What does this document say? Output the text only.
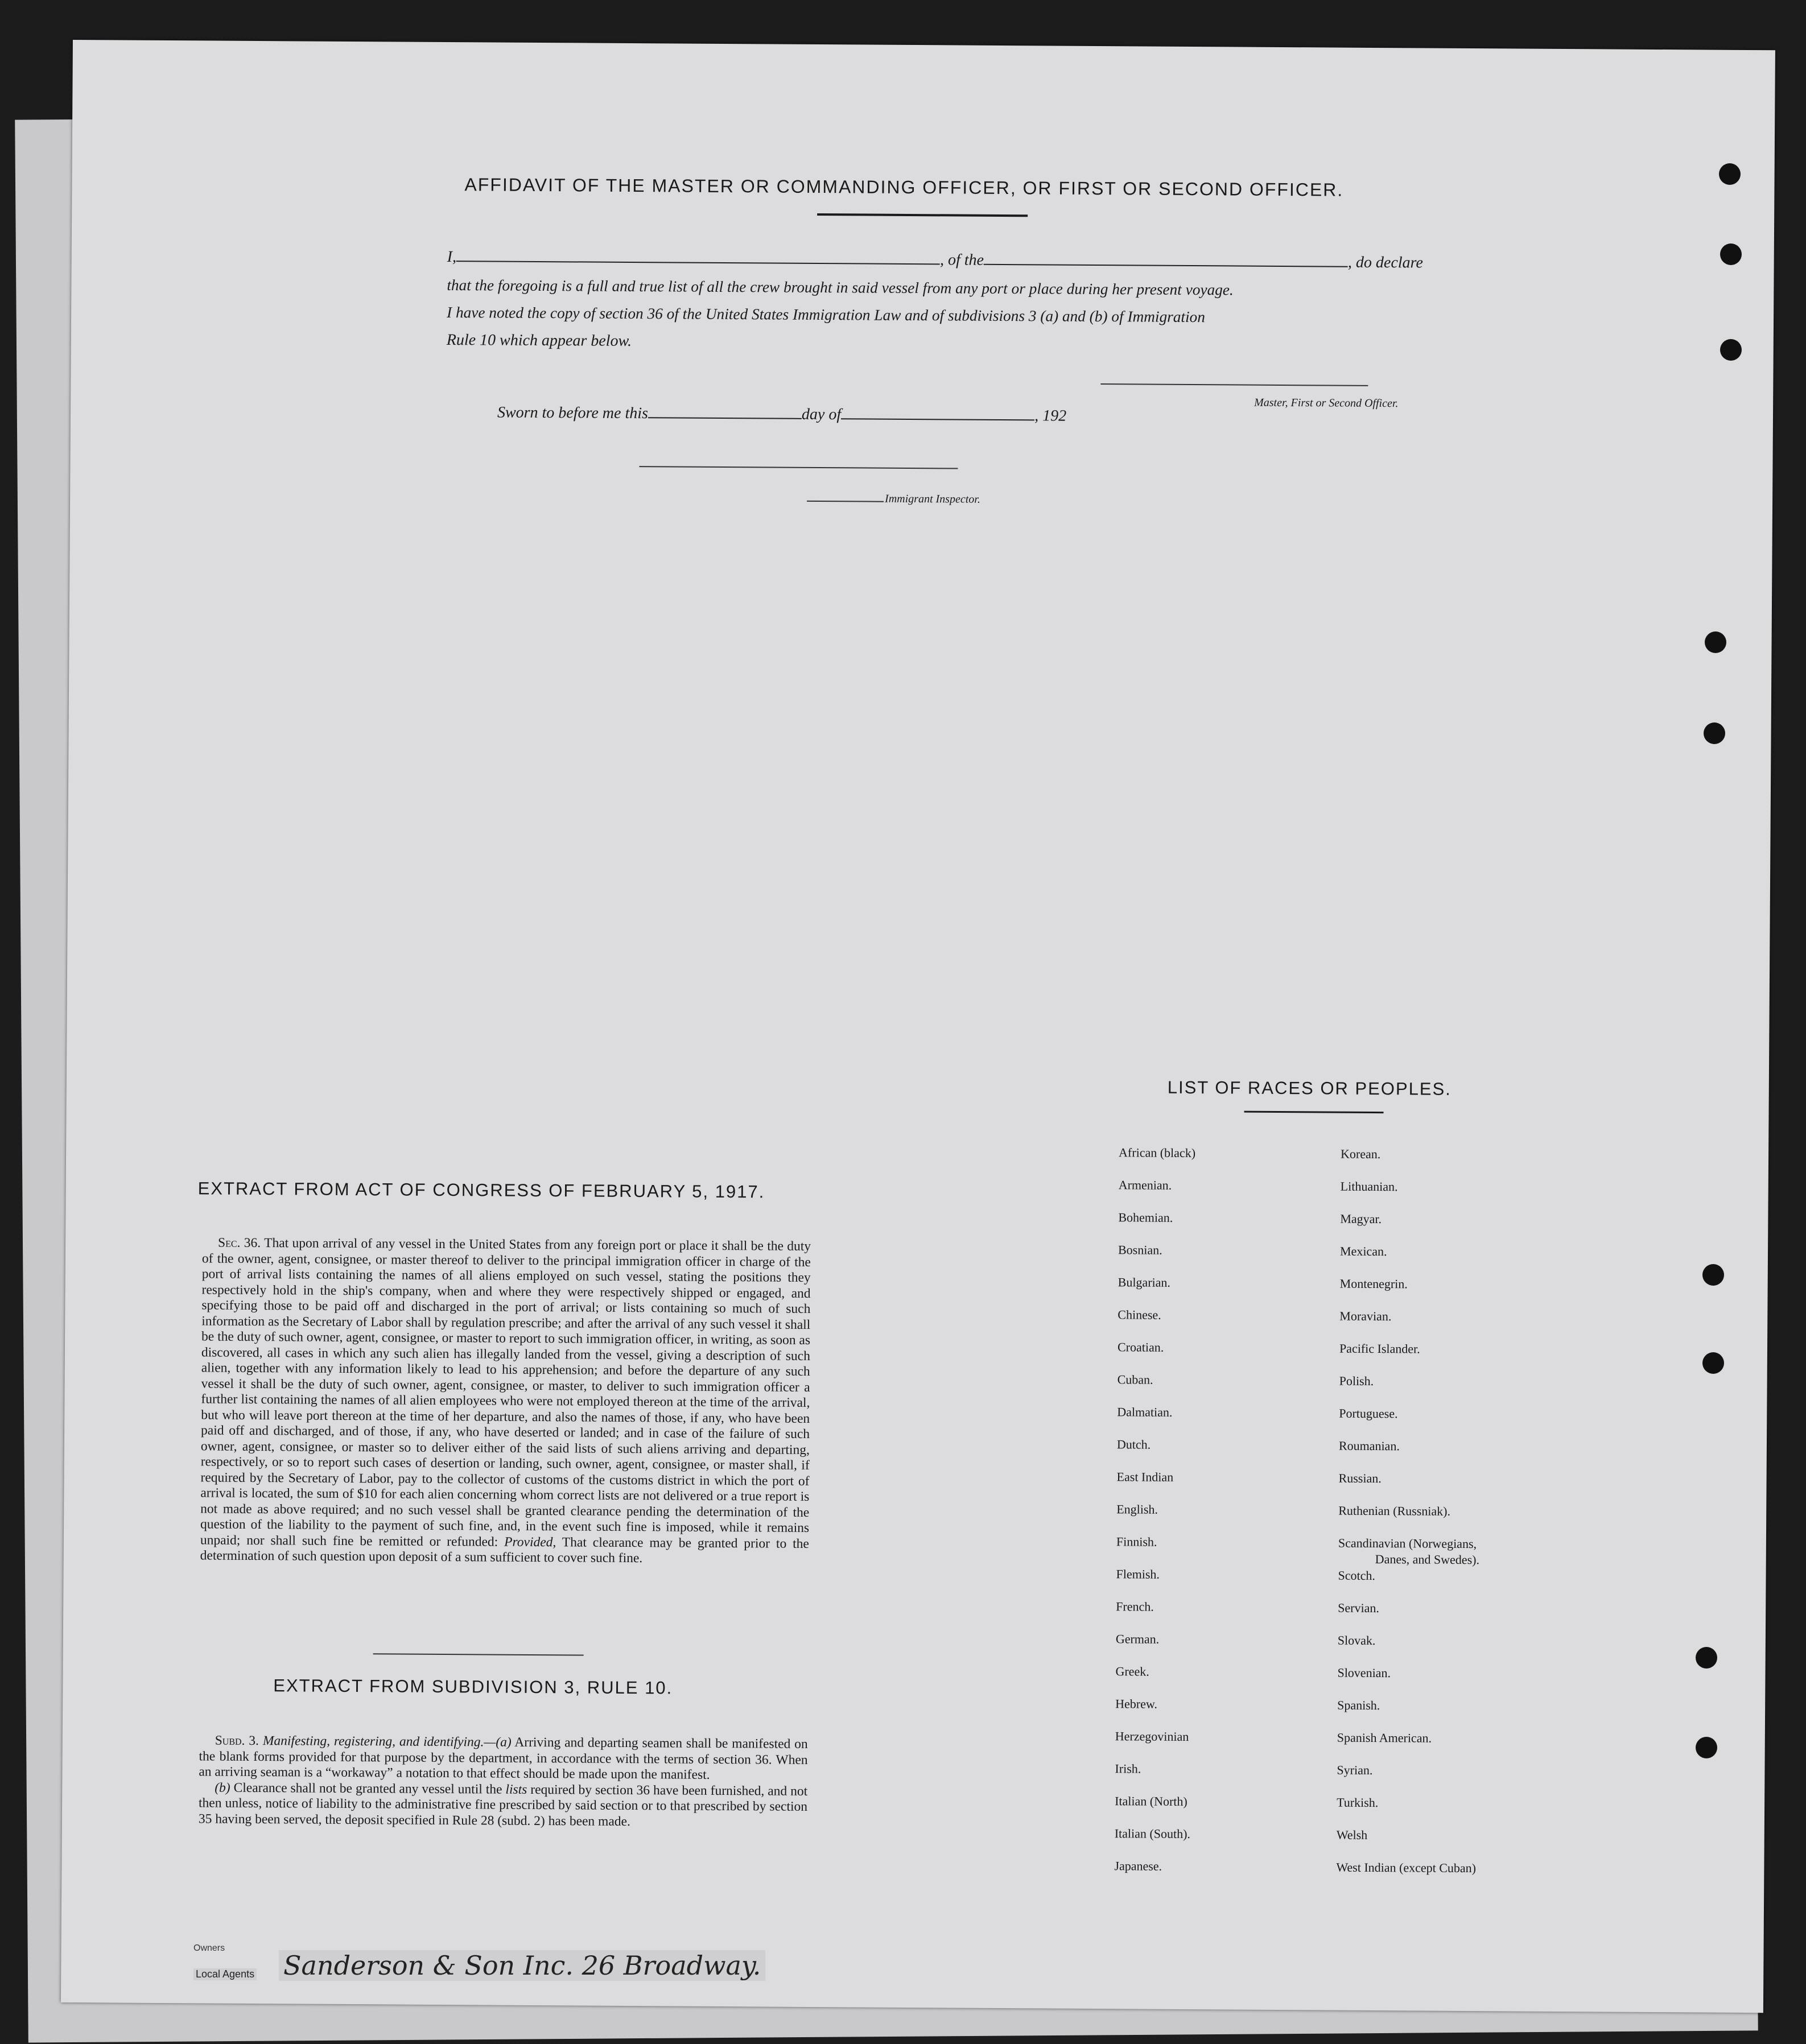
AFFIDAVIT OF THE MASTER OR COMMANDING OFFICER, OR FIRST OR SECOND OFFICER.
I,	, of the	, do declare
that the foregoing is a full and true list of all the crew brought in said vessel from any port or place during her present voyage.
I have noted the copy of section 36 of the United States Immigration Law and of subdivisions 3 (a) and (b) of Immigration
Rule 10 which appear below.
Master, First or Second Officer.
Sworn to before me this	day of	, 192
Immigrant Inspector.
EXTRACT FROM ACT OF CONGRESS OF FEBRUARY 5, 1917.
Sec. 36. That upon arrival of any vessel in the United States from any foreign port or place it shall be the duty of the owner, agent, consignee, or master thereof to deliver to the principal immigration officer in charge of the port of arrival lists containing the names of all aliens employed on such vessel, stating the positions they respectively hold in the ship's company, when and where they were respectively shipped or engaged, and specifying those to be paid off and discharged in the port of arrival; or lists containing so much of such information as the Secretary of Labor shall by regulation prescribe; and after the arrival of any such vessel it shall be the duty of such owner, agent, consignee, or master to report to such immigration officer, in writing, as soon as discovered, all cases in which any such alien has illegally landed from the vessel, giving a description of such alien, together with any information likely to lead to his apprehension; and before the departure of any such vessel it shall be the duty of such owner, agent, consignee, or master, to deliver to such immigration officer a further list containing the names of all alien employees who were not employed thereon at the time of the arrival, but who will leave port thereon at the time of her departure, and also the names of those, if any, who have been paid off and discharged, and of those, if any, who have deserted or landed; and in case of the failure of such owner, agent, consignee, or master so to deliver either of the said lists of such aliens arriving and departing, respectively, or so to report such cases of desertion or landing, such owner, agent, consignee, or master shall, if required by the Secretary of Labor, pay to the collector of customs of the customs district in which the port of arrival is located, the sum of $10 for each alien concerning whom correct lists are not delivered or a true report is not made as above required; and no such vessel shall be granted clearance pending the determination of the question of the liability to the payment of such fine, and, in the event such fine is imposed, while it remains unpaid; nor shall such fine be remitted or refunded: Provided, That clearance may be granted prior to the determination of such question upon deposit of a sum sufficient to cover such fine.
EXTRACT FROM SUBDIVISION 3, RULE 10.
Subd. 3. Manifesting, registering, and identifying.—(a) Arriving and departing seamen shall be manifested on the blank forms provided for that purpose by the department, in accordance with the terms of section 36. When an arriving seaman is a “workaway” a notation to that effect should be made upon the manifest.
(b) Clearance shall not be granted any vessel until the lists required by section 36 have been furnished, and not then unless, notice of liability to the administrative fine prescribed by said section or to that prescribed by section 35 having been served, the deposit specified in Rule 28 (subd. 2) has been made.
LIST OF RACES OR PEOPLES.
African (black)
Armenian.
Bohemian.
Bosnian.
Bulgarian.
Chinese.
Croatian.
Cuban.
Dalmatian.
Dutch.
East Indian
English.
Finnish.
Flemish.
French.
German.
Greek.
Hebrew.
Herzegovinian
Irish.
Italian (North)
Italian (South).
Japanese.
Korean.
Lithuanian.
Magyar.
Mexican.
Montenegrin.
Moravian.
Pacific Islander.
Polish.
Portuguese.
Roumanian.
Russian.
Ruthenian (Russniak).
Scandinavian (Norwegians,
Danes, and Swedes).
Scotch.
Servian.
Slovak.
Slovenian.
Spanish.
Spanish American.
Syrian.
Turkish.
Welsh
West Indian (except Cuban)
Owners
Local Agents Sanderson & Son Inc. 26 Broadway.
